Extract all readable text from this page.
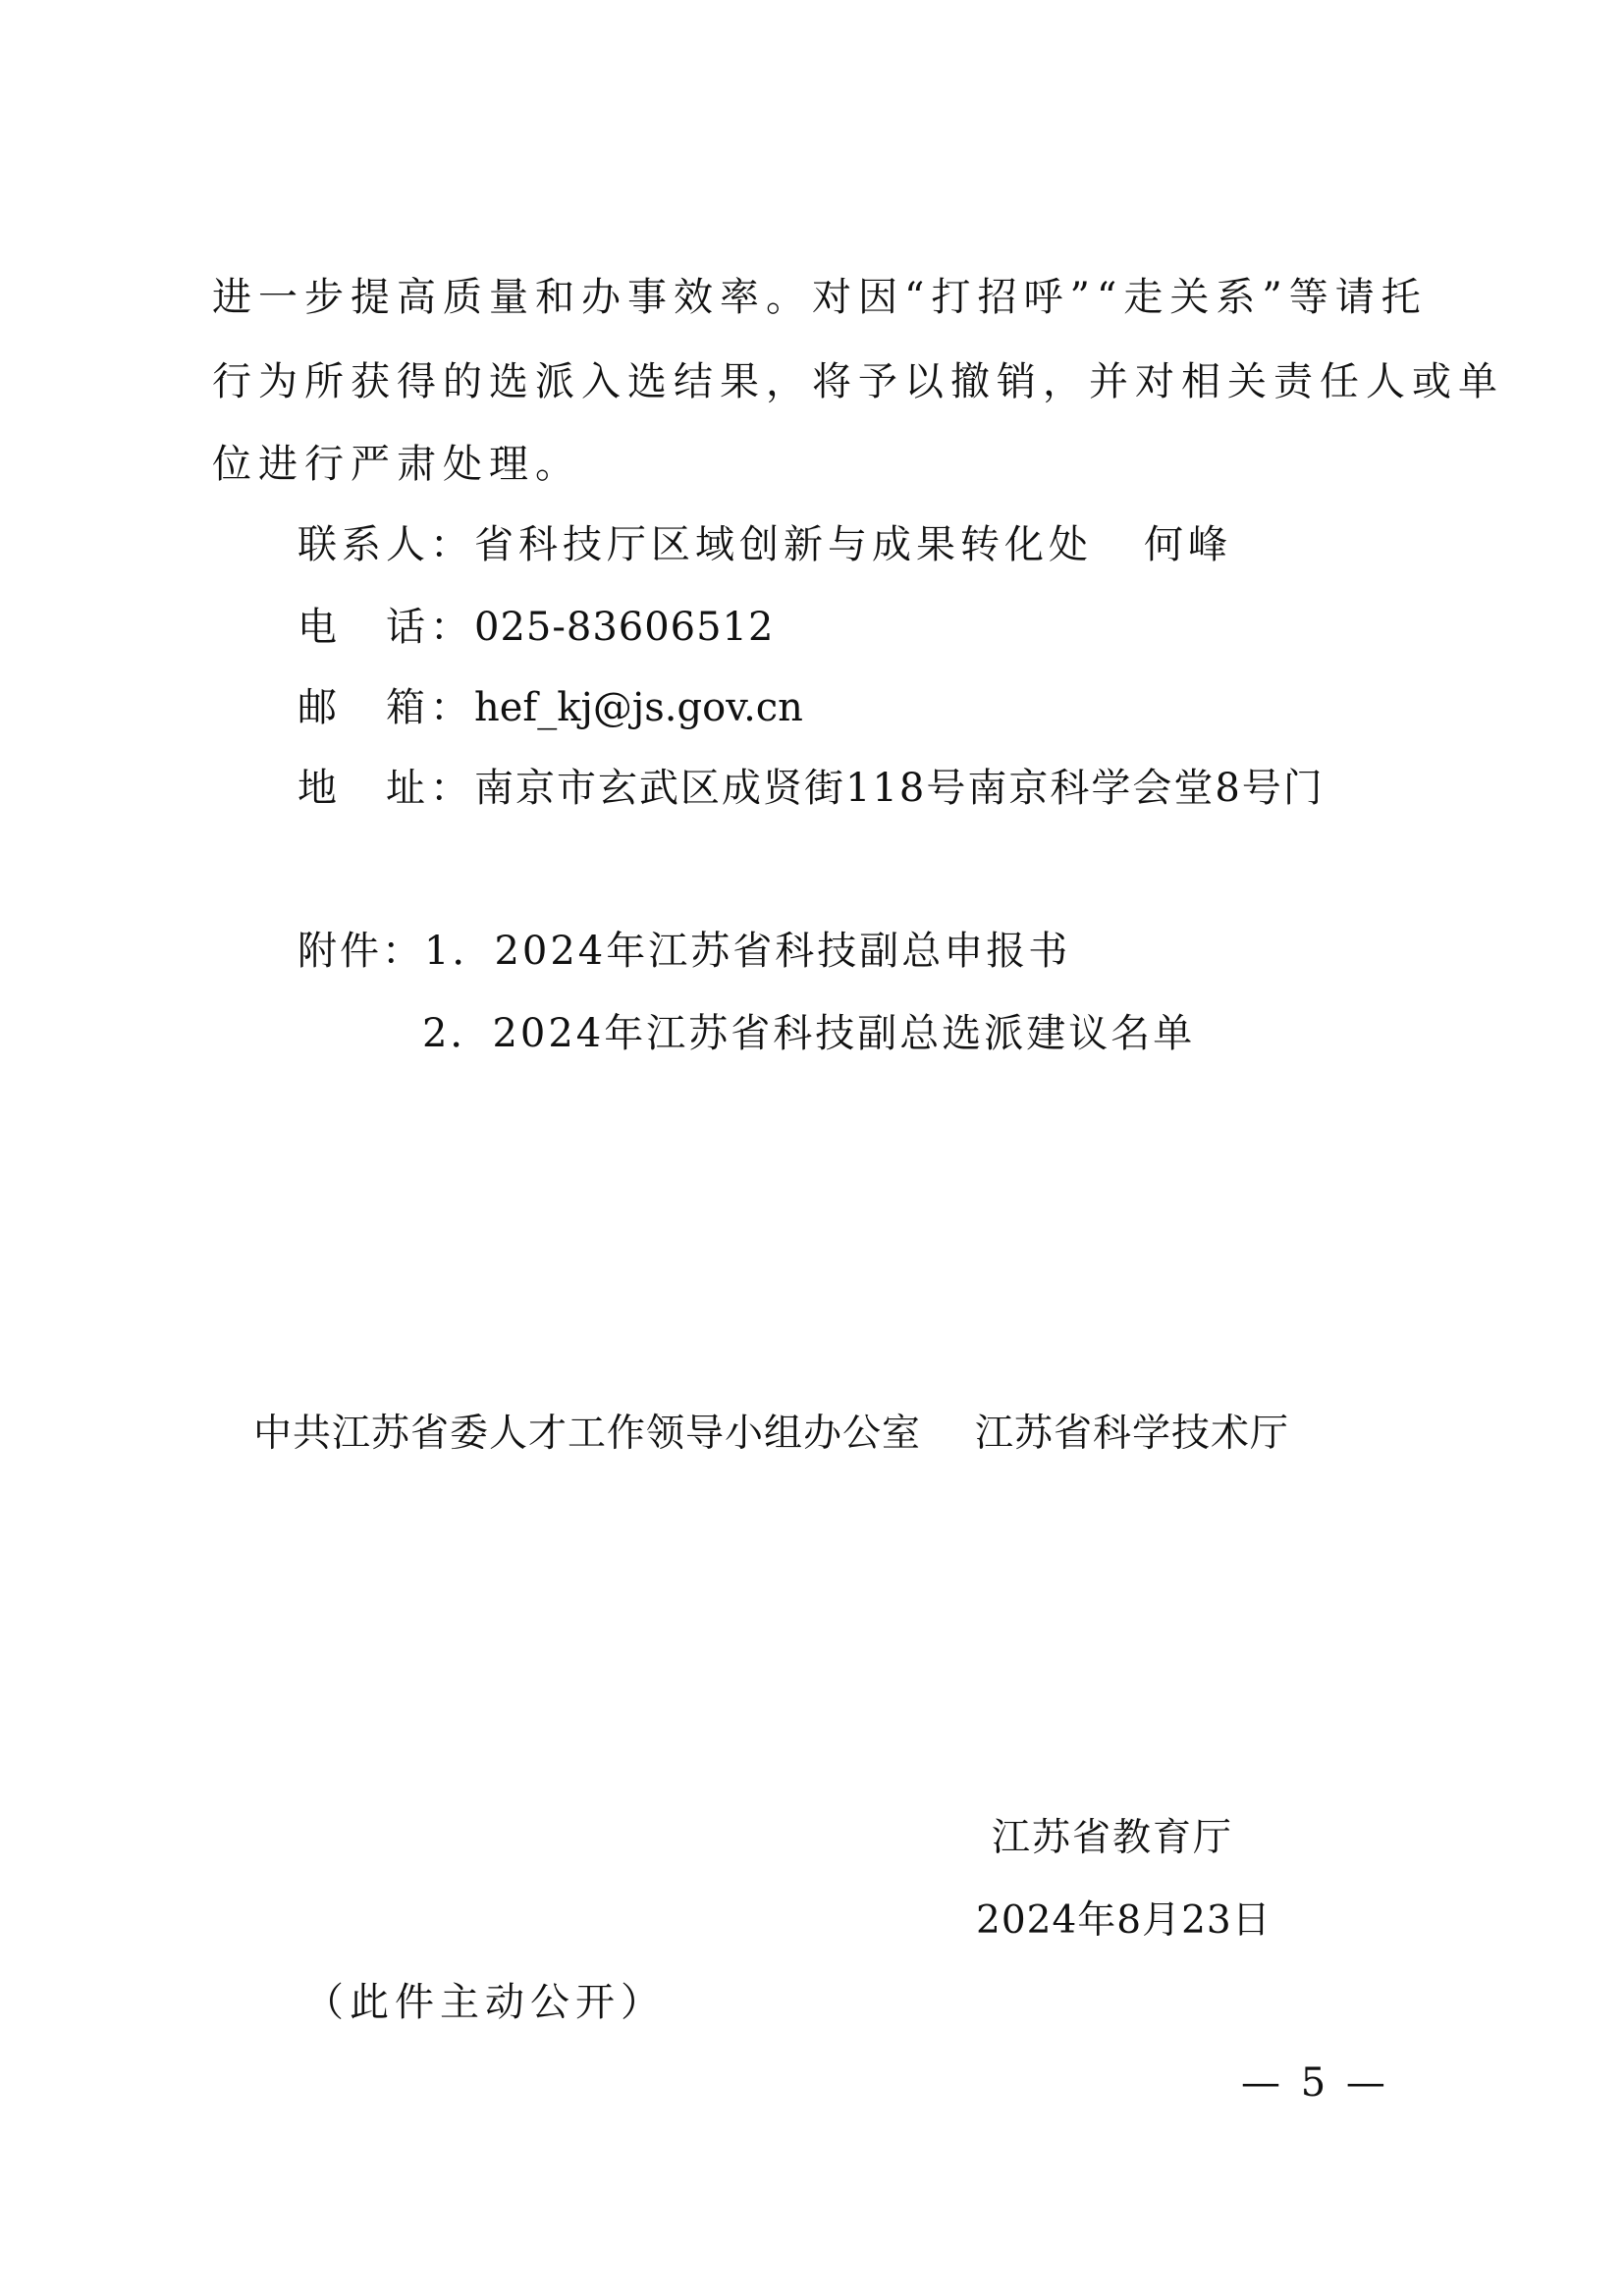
进一步提高质量和办事效率。对因“打招呼”“走关系”等请托
行为所获得的选派入选结果，将予以撤销，并对相关责任人或单
位进行严肃处理。
联系人：省科技厅区域创新与成果转化处 何峰
电　话：025-83606512
邮　箱：hef_kj@js.gov.cn
地　址：南京市玄武区成贤街118号南京科学会堂8号门
附件：1．2024年江苏省科技副总申报书
2．2024年江苏省科技副总选派建议名单
中共江苏省委人才工作领导小组办公室 江苏省科学技术厅
江苏省教育厅
2024年8月23日
（此件主动公开）
— 5 —
